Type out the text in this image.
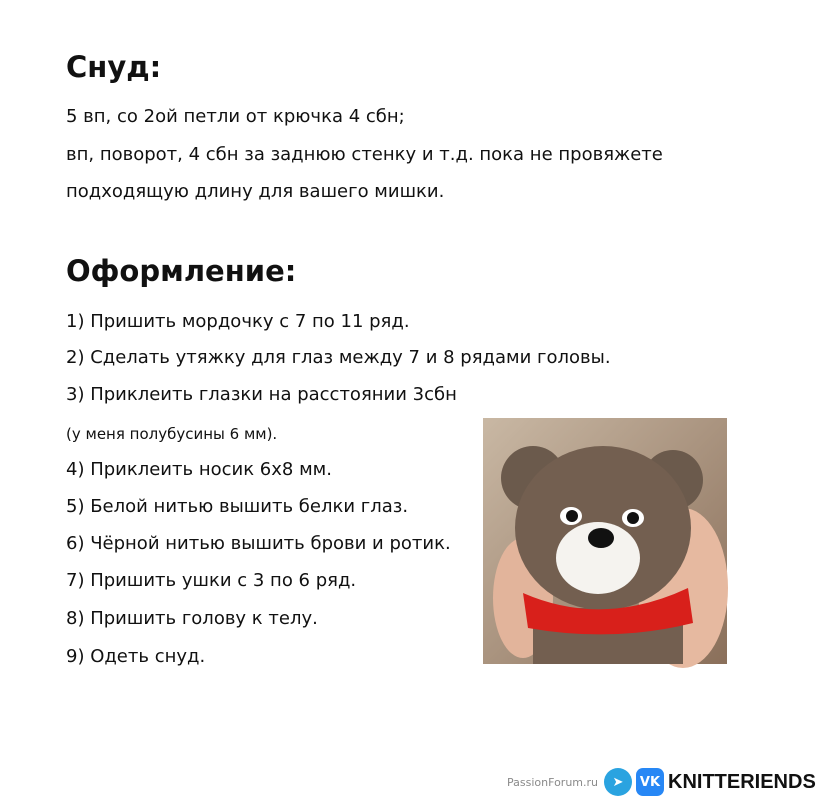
Снуд:
5 вп, со 2ой петли от крючка 4 сбн;
вп, поворот, 4 сбн за заднюю стенку и т.д. пока не провяжете
подходящую длину для вашего мишки.
Оформление:
1) Пришить мордочку с 7 по 11 ряд.
2) Сделать утяжку для глаз между 7 и 8 рядами головы.
3) Приклеить глазки на расстоянии 3сбн
(у меня полубусины 6 мм).
4) Приклеить носик 6х8 мм.
5) Белой нитью вышить белки глаз.
6) Чёрной нитью вышить брови и ротик.
7) Пришить ушки с 3 по 6 ряд.
8) Пришить голову к телу.
9) Одеть снуд.
➤	VK KNITTERIENDS
PassionForum.ru
